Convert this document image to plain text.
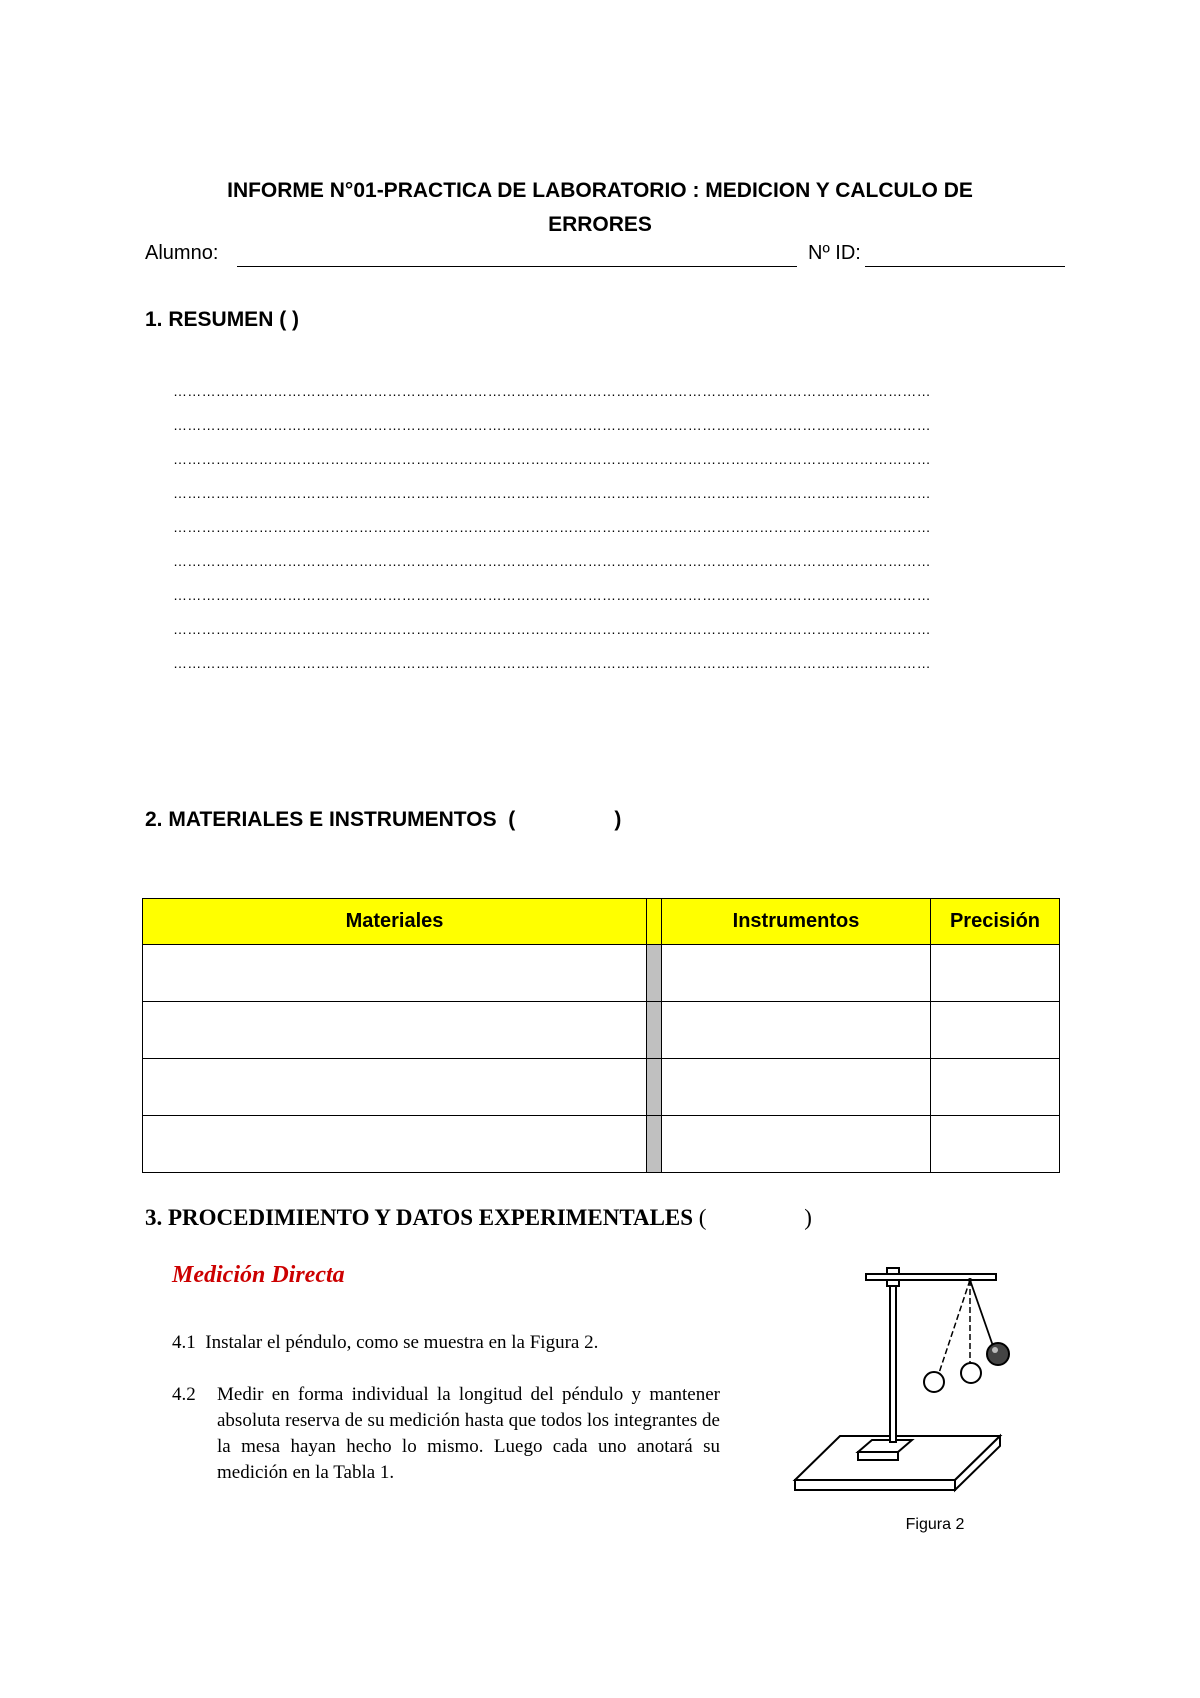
INFORME N°01-PRACTICA DE LABORATORIO : MEDICION Y CALCULO DE
ERRORES
Alumno:	Nº ID:
1. RESUMEN ( )
……………………………………………………………………………………………………………………………………………
……………………………………………………………………………………………………………………………………………
……………………………………………………………………………………………………………………………………………
……………………………………………………………………………………………………………………………………………
……………………………………………………………………………………………………………………………………………
……………………………………………………………………………………………………………………………………………
……………………………………………………………………………………………………………………………………………
……………………………………………………………………………………………………………………………………………
……………………………………………………………………………………………………………………………………………
2. MATERIALES E INSTRUMENTOS  (                 )
Materiales		Instrumentos	Precisión

3. PROCEDIMIENTO Y DATOS EXPERIMENTALES (                 )
Medición Directa
4.1 Instalar el péndulo, como se muestra en la Figura 2.
4.2 Medir en forma individual la longitud del péndulo y mantener absoluta reserva de su medición hasta que todos los integrantes de la mesa hayan hecho lo mismo. Luego cada uno anotará su medición en la Tabla 1.
Figura 2
